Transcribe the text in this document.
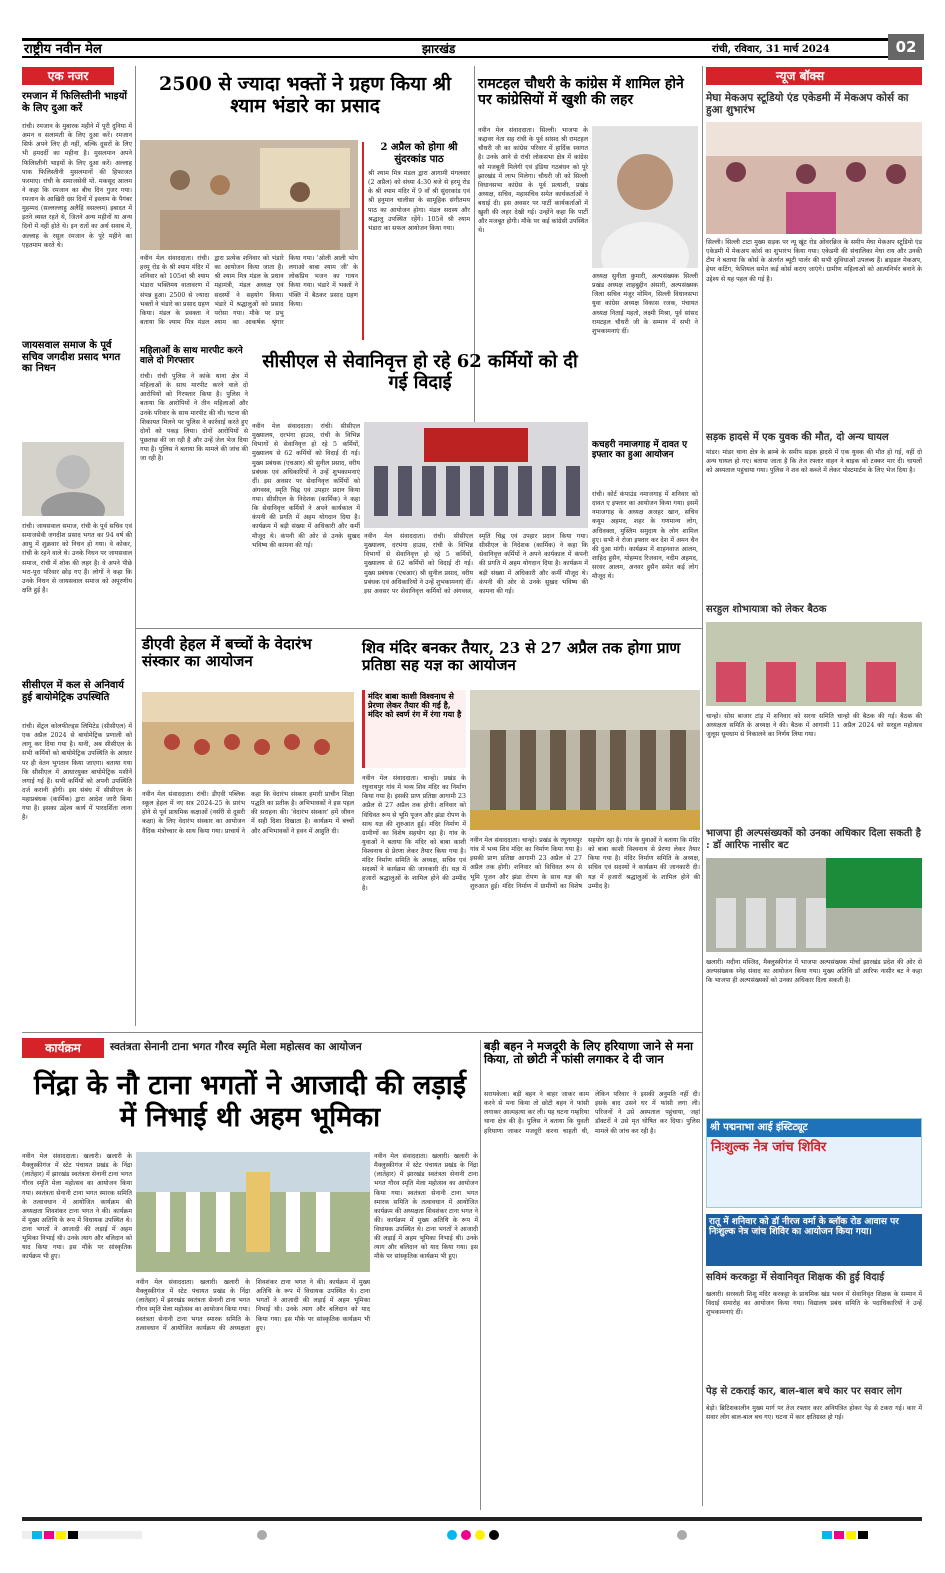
राष्ट्रीय नवीन मेल	झारखंड	रांची, रविवार, 31 मार्च 2024	02
एक नजर
रमजान में फिलिस्तीनी भाइयों के लिए दुआ करें
रांची। रमजान के मुबारक महीने में पूरी दुनिया में अमन व सलामती के लिए दुआ करें। रमजान सिर्फ अपने लिए ही नहीं, बल्कि दूसरों के लिए भी हमदर्दी का महीना है। मुसलमान अपने फिलिस्तीनी भाइयों के लिए दुआ करें। अल्लाह पाक फिलिस्तीनी मुसलमानों की हिफाजत फरमाए। रांची के समाजसेवी मो. मकसूद आलम ने कहा कि रमजान का बीच दिन गुजर गया। रमजान के आखिरी दस दिनों में इस्लाम के पैगंबर मुहम्मद (सल्लल्लाहु अलैहि वसल्लम) इबादत में इतने व्यस्त रहते थे, जितने अन्य महीनों या अन्य दिनों में नहीं होते थे। इन रातों का अर्थ सवाब में, अल्लाह के रसूल रमजान के पूरे महीने का एहतमाम करते थे।
जायसवाल समाज के पूर्व सचिव जगदीश प्रसाद भगत का निधन
रांची। जायसवाल समाज, रांची के पूर्व सचिव एवं समाजसेवी जगदीश प्रसाद भगत का 94 वर्ष की आयु में शुक्रवार को निधन हो गया। वे कोकर, रांची के रहने वाले थे। उनके निधन पर जायसवाल समाज, रांची में शोक की लहर है। वे अपने पीछे भरा-पूरा परिवार छोड़ गए हैं। लोगों ने कहा कि उनके निधन से जायसवाल समाज को अपूरणीय क्षति हुई है।
सीसीएल में कल से अनिवार्य हुई बायोमेट्रिक उपस्थिति
रांची। सेंट्रल कोलफील्ड्स लिमिटेड (सीसीएल) में एक अप्रैल 2024 से बायोमेट्रिक प्रणाली को लागू कर दिया गया है। यानी, अब सीसीएल के सभी कर्मियों को बायोमेट्रिक उपस्थिति के आधार पर ही वेतन भुगतान किया जाएगा। बताया गया कि सीसीएल में आधारयुक्त बायोमेट्रिक मशीनें लगाई गई हैं। सभी कर्मियों को अपनी उपस्थिति दर्ज करानी होगी। इस संबंध में सीसीएल के महाप्रबंधक (कार्मिक) द्वारा आदेश जारी किया गया है। इसका उद्देश्य कार्य में पारदर्शिता लाना है।
2500 से ज्यादा भक्तों ने ग्रहण किया श्री श्याम भंडारे का प्रसाद
2 अप्रैल को होगा श्री सुंदरकांड पाठ
श्री श्याम मित्र मंडल द्वारा आगामी मंगलवार (2 अप्रैल) को संध्या 4:30 बजे से हरमू रोड के श्री श्याम मंदिर में 9 वाँ श्री सुंदरकांड एवं श्री हनुमान चालीसा के सामूहिक संगीतमय पाठ का आयोजन होगा। मंडल सदस्य और श्रद्धालु उपस्थित रहेंगे। 105वें श्री श्याम भंडारा का सफल आयोजन किया गया।
नवीन मेल संवाददाता। रांची। हरमू रोड के श्री श्याम मंदिर में शनिवार को 105वां श्री श्याम भंडारा भक्तिमय वातावरण में संपन्न हुआ। 2500 से ज्यादा भक्तों ने भंडारे का प्रसाद ग्रहण किया। मंडल के प्रवक्ता ने बताया कि श्याम मित्र मंडल द्वारा प्रत्येक शनिवार को भंडारे का आयोजन किया जाता है। श्री श्याम मित्र मंडल के प्रधान महामंत्री, मंडल अध्यक्ष एवं सदस्यों ने सहयोग किया। भंडारे में श्रद्धालुओं को प्रसाद परोसा गया। मौके पर प्रभु श्याम का आकर्षक श्रृंगार किया गया। 'ओली आली भोग लगाओ बाबा श्याम जी' के लोकप्रिय भजन का गायन किया गया। भंडारे में भक्तों ने पंक्ति में बैठकर प्रसाद ग्रहण किया।
रामटहल चौधरी के कांग्रेस में शामिल होने पर कांग्रेसियों में खुशी की लहर
नवीन मेल संवाददाता। सिल्ली। भाजपा के कद्दावर नेता सह रांची के पूर्व सांसद श्री रामटहल चौधरी जी का कांग्रेस परिवार में हार्दिक स्वागत है। उनके आने से रांची लोकसभा क्षेत्र में कांग्रेस को मजबूती मिलेगी एवं इंडिया गठबंधन को पूरे झारखंड में लाभ मिलेगा। चौधरी जी को सिल्ली विधानसभा कांग्रेस के पूर्व प्रत्याशी, प्रखंड अध्यक्ष, सचिव, महासचिव समेत कार्यकर्ताओं ने बधाई दी। इस अवसर पर पार्टी कार्यकर्ताओं में खुशी की लहर देखी गई। उन्होंने कहा कि पार्टी और मजबूत होगी। मौके पर कई कांग्रेसी उपस्थित थे।
अध्यक्ष सुनीता कुमारी, अल्पसंख्यक सिल्ली प्रखंड अध्यक्ष शाहबुद्दीन अंसारी, अल्पसंख्यक जिला सचिव मंजूर मोमिन, सिल्ली विधानसभा युवा कांग्रेस अध्यक्ष विकास रजक, पंचायत अध्यक्ष निताई महतो, लक्ष्मी मिश्रा, पूर्व सांसद रामटहल चौधरी जी के सम्मान में सभी ने शुभकामनाएं दीं।
महिलाओं के साथ मारपीट करने वाले दो गिरफ्तार
रांची। रांची पुलिस ने कांके थाना क्षेत्र में महिलाओं के साथ मारपीट करने वाले दो आरोपियों को गिरफ्तार किया है। पुलिस ने बताया कि आरोपियों ने तीन महिलाओं और उनके परिवार के साथ मारपीट की थी। घटना की शिकायत मिलने पर पुलिस ने कार्रवाई करते हुए दोनों को पकड़ लिया। दोनों आरोपियों से पूछताछ की जा रही है और उन्हें जेल भेज दिया गया है। पुलिस ने बताया कि मामले की जांच की जा रही है।
सीसीएल से सेवानिवृत्त हो रहे 62 कर्मियों को दी गई विदाई
नवीन मेल संवाददाता। रांची। सीसीएल मुख्यालय, दरभंगा हाउस, रांची के विभिन्न विभागों से सेवानिवृत्त हो रहे 5 कर्मियों, मुख्यालय से 62 कर्मियों को विदाई दी गई। मुख्य प्रबंधक (एचआर) श्री सुनील प्रसाद, वरीय प्रबंधक एवं अधिकारियों ने उन्हें शुभकामनाएं दीं। इस अवसर पर सेवानिवृत्त कर्मियों को अंगवस्त्र, स्मृति चिह्न एवं उपहार प्रदान किया गया। सीसीएल के निदेशक (कार्मिक) ने कहा कि सेवानिवृत्त कर्मियों ने अपने कार्यकाल में कंपनी की प्रगति में अहम योगदान दिया है। कार्यक्रम में बड़ी संख्या में अधिकारी और कर्मी मौजूद थे। कंपनी की ओर से उनके सुखद भविष्य की कामना की गई।
नवीन मेल संवाददाता। रांची। सीसीएल मुख्यालय, दरभंगा हाउस, रांची के विभिन्न विभागों से सेवानिवृत्त हो रहे 5 कर्मियों, मुख्यालय से 62 कर्मियों को विदाई दी गई। मुख्य प्रबंधक (एचआर) श्री सुनील प्रसाद, वरीय प्रबंधक एवं अधिकारियों ने उन्हें शुभकामनाएं दीं। इस अवसर पर सेवानिवृत्त कर्मियों को अंगवस्त्र, स्मृति चिह्न एवं उपहार प्रदान किया गया। सीसीएल के निदेशक (कार्मिक) ने कहा कि सेवानिवृत्त कर्मियों ने अपने कार्यकाल में कंपनी की प्रगति में अहम योगदान दिया है। कार्यक्रम में बड़ी संख्या में अधिकारी और कर्मी मौजूद थे। कंपनी की ओर से उनके सुखद भविष्य की कामना की गई।
कचहरी नमाजगाह में दावत ए इफ्तार का हुआ आयोजन
रांची। कोर्ट कंपाउंड नमाजगाह में शनिवार को दावत ए इफ्तार का आयोजन किया गया। इसमें नमाजगाह के अध्यक्ष अजहर खान, सचिव कयूम अहमद, शहर के गणमान्य लोग, अधिवक्ता, मुस्लिम समुदाय के लोग शामिल हुए। सभी ने रोजा इफ्तार कर देश में अमन चैन की दुआ मांगी। कार्यक्रम में शाहनवाज आलम, शाहिद हुसैन, मोहम्मद रिजवान, नदीम अहमद, सरवर आलम, अनवर हुसैन समेत कई लोग मौजूद थे।
डीएवी हेहल में बच्चों के वेदारंभ संस्कार का आयोजन
नवीन मेल संवाददाता। रांची। डीएवी पब्लिक स्कूल हेहल में नए सत्र 2024-25 के प्रारंभ होने से पूर्व प्राथमिक कक्षाओं (नर्सरी से दूसरी कक्षा) के लिए वेदारंभ संस्कार का आयोजन वैदिक मंत्रोच्चार के साथ किया गया। प्राचार्य ने कहा कि वेदारंभ संस्कार हमारी प्राचीन शिक्षा पद्धति का प्रतीक है। अभिभावकों ने इस पहल की सराहना की। 'वेदारंभ संस्कार' हमें जीवन में सही दिशा दिखाता है। कार्यक्रम में बच्चों और अभिभावकों ने हवन में आहुति दी।
शिव मंदिर बनकर तैयार, 23 से 27 अप्रैल तक होगा प्राण प्रतिष्ठा सह यज्ञ का आयोजन
मंदिर बाबा काशी विश्वनाथ से प्रेरणा लेकर तैयार की गई है, मंदिर को स्वर्ण रंग में रंगा गया है
नवीन मेल संवाददाता। चान्हो। प्रखंड के रघुनाथपुर गांव में भव्य शिव मंदिर का निर्माण किया गया है। इसकी प्राण प्रतिष्ठा आगामी 23 अप्रैल से 27 अप्रैल तक होगी। शनिवार को विधिवत रूप से भूमि पूजन और झंडा रोपण के साथ यज्ञ की शुरुआत हुई। मंदिर निर्माण में ग्रामीणों का विशेष सहयोग रहा है। गांव के युवाओं ने बताया कि मंदिर को बाबा काशी विश्वनाथ से प्रेरणा लेकर तैयार किया गया है। मंदिर निर्माण समिति के अध्यक्ष, सचिव एवं सदस्यों ने कार्यक्रम की जानकारी दी। यज्ञ में हजारों श्रद्धालुओं के शामिल होने की उम्मीद है।
नवीन मेल संवाददाता। चान्हो। प्रखंड के रघुनाथपुर गांव में भव्य शिव मंदिर का निर्माण किया गया है। इसकी प्राण प्रतिष्ठा आगामी 23 अप्रैल से 27 अप्रैल तक होगी। शनिवार को विधिवत रूप से भूमि पूजन और झंडा रोपण के साथ यज्ञ की शुरुआत हुई। मंदिर निर्माण में ग्रामीणों का विशेष सहयोग रहा है। गांव के युवाओं ने बताया कि मंदिर को बाबा काशी विश्वनाथ से प्रेरणा लेकर तैयार किया गया है। मंदिर निर्माण समिति के अध्यक्ष, सचिव एवं सदस्यों ने कार्यक्रम की जानकारी दी। यज्ञ में हजारों श्रद्धालुओं के शामिल होने की उम्मीद है।
कार्यक्रम	स्वतंत्रता सेनानी टाना भगत गौरव स्मृति मेला महोत्सव का आयोजन
निंद्रा के नौ टाना भगतों ने आजादी की लड़ाई में निभाई थी अहम भूमिका
नवीन मेल संवाददाता। खलारी। खलारी के मैक्लुस्कीगंज में स्टेट पंचायत प्रखंड के निंद्रा (लातेहार) में झारखंड स्वतंत्रता सेनानी टाना भगत गौरव स्मृति मेला महोत्सव का आयोजन किया गया। स्वतंत्रता सेनानी टाना भगत स्मारक समिति के तत्वावधान में आयोजित कार्यक्रम की अध्यक्षता शिवशंकर टाना भगत ने की। कार्यक्रम में मुख्य अतिथि के रूप में विधायक उपस्थित थे। टाना भगतों ने आजादी की लड़ाई में अहम भूमिका निभाई थी। उनके त्याग और बलिदान को याद किया गया। इस मौके पर सांस्कृतिक कार्यक्रम भी हुए।
नवीन मेल संवाददाता। खलारी। खलारी के मैक्लुस्कीगंज में स्टेट पंचायत प्रखंड के निंद्रा (लातेहार) में झारखंड स्वतंत्रता सेनानी टाना भगत गौरव स्मृति मेला महोत्सव का आयोजन किया गया। स्वतंत्रता सेनानी टाना भगत स्मारक समिति के तत्वावधान में आयोजित कार्यक्रम की अध्यक्षता शिवशंकर टाना भगत ने की। कार्यक्रम में मुख्य अतिथि के रूप में विधायक उपस्थित थे। टाना भगतों ने आजादी की लड़ाई में अहम भूमिका निभाई थी। उनके त्याग और बलिदान को याद किया गया। इस मौके पर सांस्कृतिक कार्यक्रम भी हुए।
नवीन मेल संवाददाता। खलारी। खलारी के मैक्लुस्कीगंज में स्टेट पंचायत प्रखंड के निंद्रा (लातेहार) में झारखंड स्वतंत्रता सेनानी टाना भगत गौरव स्मृति मेला महोत्सव का आयोजन किया गया। स्वतंत्रता सेनानी टाना भगत स्मारक समिति के तत्वावधान में आयोजित कार्यक्रम की अध्यक्षता शिवशंकर टाना भगत ने की। कार्यक्रम में मुख्य अतिथि के रूप में विधायक उपस्थित थे। टाना भगतों ने आजादी की लड़ाई में अहम भूमिका निभाई थी। उनके त्याग और बलिदान को याद किया गया। इस मौके पर सांस्कृतिक कार्यक्रम भी हुए।
बड़ी बहन ने मजदूरी के लिए हरियाणा जाने से मना किया, तो छोटी ने फांसी लगाकर दे दी जान
सरायकेला। बड़ी बहन ने बाहर जाकर काम करने से मना किया तो छोटी बहन ने फांसी लगाकर आत्महत्या कर ली। यह घटना गम्हरिया थाना क्षेत्र की है। पुलिस ने बताया कि युवती हरियाणा जाकर मजदूरी करना चाहती थी, लेकिन परिवार ने इसकी अनुमति नहीं दी। इसके बाद उसने घर में फांसी लगा ली। परिजनों ने उसे अस्पताल पहुंचाया, जहां डॉक्टरों ने उसे मृत घोषित कर दिया। पुलिस मामले की जांच कर रही है।
न्यूज बॉक्स
मेघा मेकअप स्टूडियो एंड एकेडमी में मेकअप कोर्स का हुआ शुभारंभ
सिल्ली। सिल्ली टाटा मुख्य सड़क पर न्यू खूंट रोड ओवरब्रिज के समीप मेघा मेकअप स्टूडियो एंड एकेडमी में मेकअप कोर्स का शुभारंभ किया गया। एकेडमी की संचालिका मेघा राय और उनकी टीम ने बताया कि कोर्स के अंतर्गत ब्यूटी पार्लर की सभी सुविधाओं उपलब्ध हैं। ब्राइडल मेकअप, हेयर कटिंग, फेशियल समेत कई कोर्स कराए जाएंगे। ग्रामीण महिलाओं को आत्मनिर्भर बनाने के उद्देश्य से यह पहल की गई है।
सड़क हादसे में एक युवक की मौत, दो अन्य घायल
मांडर। मांडर थाना क्षेत्र के ब्राम्बे के समीप सड़क हादसे में एक युवक की मौत हो गई, वहीं दो अन्य घायल हो गए। बताया जाता है कि तेज रफ्तार वाहन ने बाइक को टक्कर मार दी। घायलों को अस्पताल पहुंचाया गया। पुलिस ने शव को कब्जे में लेकर पोस्टमार्टम के लिए भेज दिया है।
सरहुल शोभायात्रा को लेकर बैठक
चान्हो। सोस बाजार टांड़ में शनिवार को सरना समिति चान्हो की बैठक की गई। बैठक की अध्यक्षता समिति के अध्यक्ष ने की। बैठक में आगामी 11 अप्रैल 2024 को सरहुल महोत्सव जुलूस धूमधाम से निकालने का निर्णय लिया गया।
भाजपा ही अल्पसंख्यकों को उनका अधिकार दिला सकती है : डॉ आरिफ नासीर बट
खलारी। मदीना मस्जिद, मैक्लुस्कीगंज में भाजपा अल्पसंख्यक मोर्चा झारखंड प्रदेश की ओर से अल्पसंख्यक स्नेह संवाद का आयोजन किया गया। मुख्य अतिथि डॉ आरिफ नासीर बट ने कहा कि भाजपा ही अल्पसंख्यकों को उनका अधिकार दिला सकती है।
श्री पद्मनाभा आई इंस्टिट्यूट
निःशुल्क नेत्र जांच शिविर
रातू में शनिवार को डॉ नीरज वर्मा के ब्लॉक रोड आवास पर निःशुल्क नेत्र जांच शिविर का आयोजन किया गया।
सविमं करकट्टा में सेवानिवृत शिक्षक की हुई विदाई
खलारी। सरस्वती शिशु मंदिर करकट्टा के प्राथमिक खंड भवन में सेवानिवृत शिक्षक के सम्मान में विदाई समारोह का आयोजन किया गया। विद्यालय प्रबंध समिति के पदाधिकारियों ने उन्हें शुभकामनाएं दीं।
पेड़ से टकराई कार, बाल-बाल बचे कार पर सवार लोग
बेड़ो। ब्रिटिशकालीन मुख्य मार्ग पर तेज रफ्तार कार अनियंत्रित होकर पेड़ से टकरा गई। कार में सवार लोग बाल-बाल बच गए। घटना में कार क्षतिग्रस्त हो गई।
